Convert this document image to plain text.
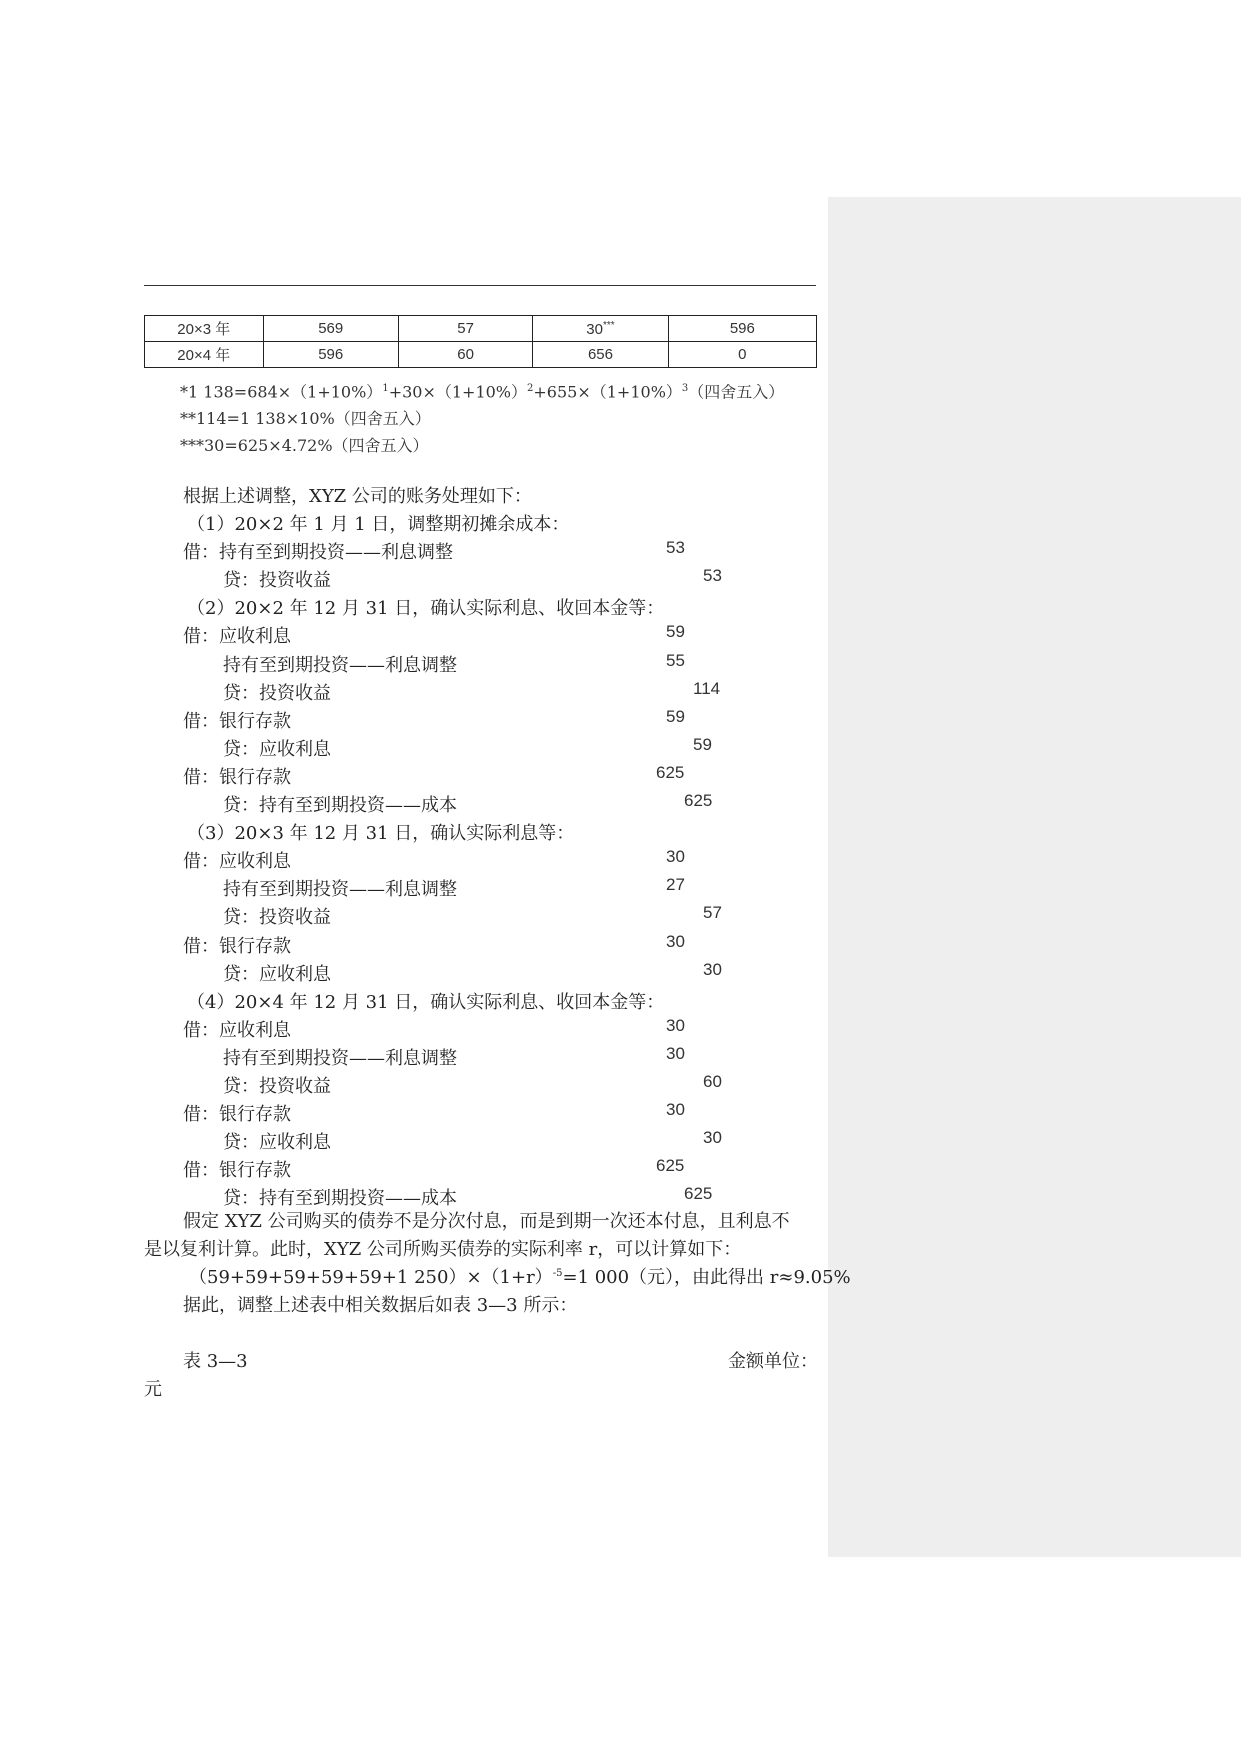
20×3 年	569	57	30***	596
20×4 年	596	60	656	0
*1 $138=684\times(1+10\%)^1+30\times(1+10\%)^2+655\times(1+10\%)^3$（四舍五入）
**114=1 138×10%（四舍五入）
***30=625×4.72%（四舍五入）
根据上述调整，XYZ 公司的账务处理如下：
（1）20×2 年 1 月 1 日，调整期初摊余成本：
借：持有至到期投资——利息调整	53
贷：投资收益	53
（2）20×2 年 12 月 31 日，确认实际利息、收回本金等：
借：应收利息	59
持有至到期投资——利息调整	55
贷：投资收益	114
借：银行存款	59
贷：应收利息	59
借：银行存款	625
贷：持有至到期投资——成本	625
（3）20×3 年 12 月 31 日，确认实际利息等：
借：应收利息	30
持有至到期投资——利息调整	27
贷：投资收益	57
借：银行存款	30
贷：应收利息	30
（4）20×4 年 12 月 31 日，确认实际利息、收回本金等：
借：应收利息	30
持有至到期投资——利息调整	30
贷：投资收益	60
借：银行存款	30
贷：应收利息	30
借：银行存款	625
贷：持有至到期投资——成本	625
假定 XYZ 公司购买的债券不是分次付息，而是到期一次还本付息，且利息不
是以复利计算。此时，XYZ 公司所购买债券的实际利率 r，可以计算如下：
（59+59+59+59+59+1 $250)\times(1+r)^{-5}=1$ 000（元），由此得出 r≈9.05%
据此，调整上述表中相关数据后如表 3—3 所示：
表 3—3	金额单位：
元
